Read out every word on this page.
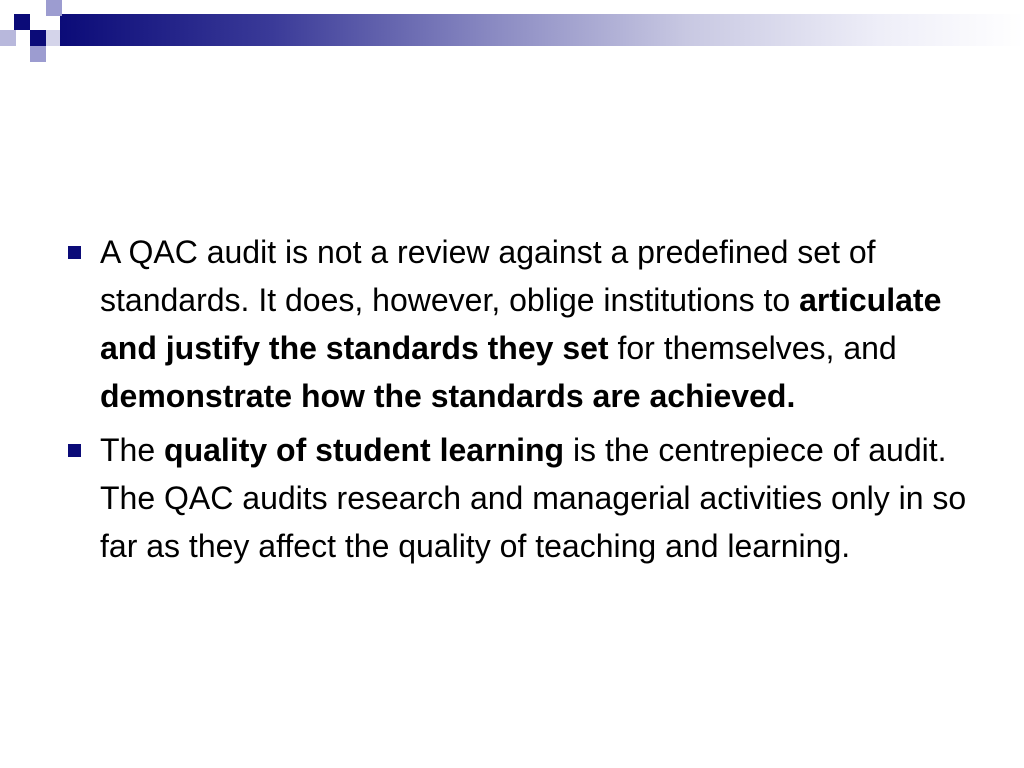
A QAC audit is not a review against a predefined set of standards. It does, however, oblige institutions to articulate and justify the standards they set for themselves, and demonstrate how the standards are achieved.
The quality of student learning is the centrepiece of audit. The QAC audits research and managerial activities only in so far as they affect the quality of teaching and learning.
